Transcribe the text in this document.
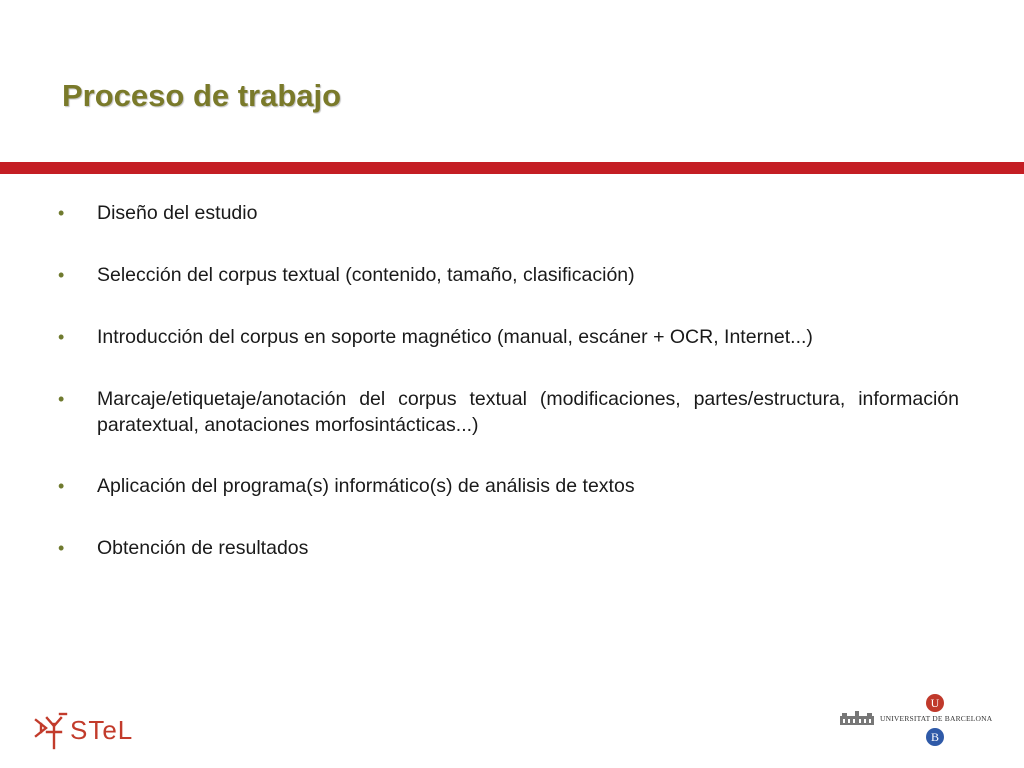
Proceso de trabajo
• Diseño del estudio
• Selección del corpus textual (contenido, tamaño, clasificación)
• Introducción del corpus en soporte magnético (manual, escáner + OCR, Internet...)
• Marcaje/etiquetaje/anotación del corpus textual (modificaciones, partes/estructura, información paratextual, anotaciones morfosintácticas...)
• Aplicación del programa(s) informático(s) de análisis de textos
• Obtención de resultados
STeL
U
UNIVERSITAT DE BARCELONA
B
